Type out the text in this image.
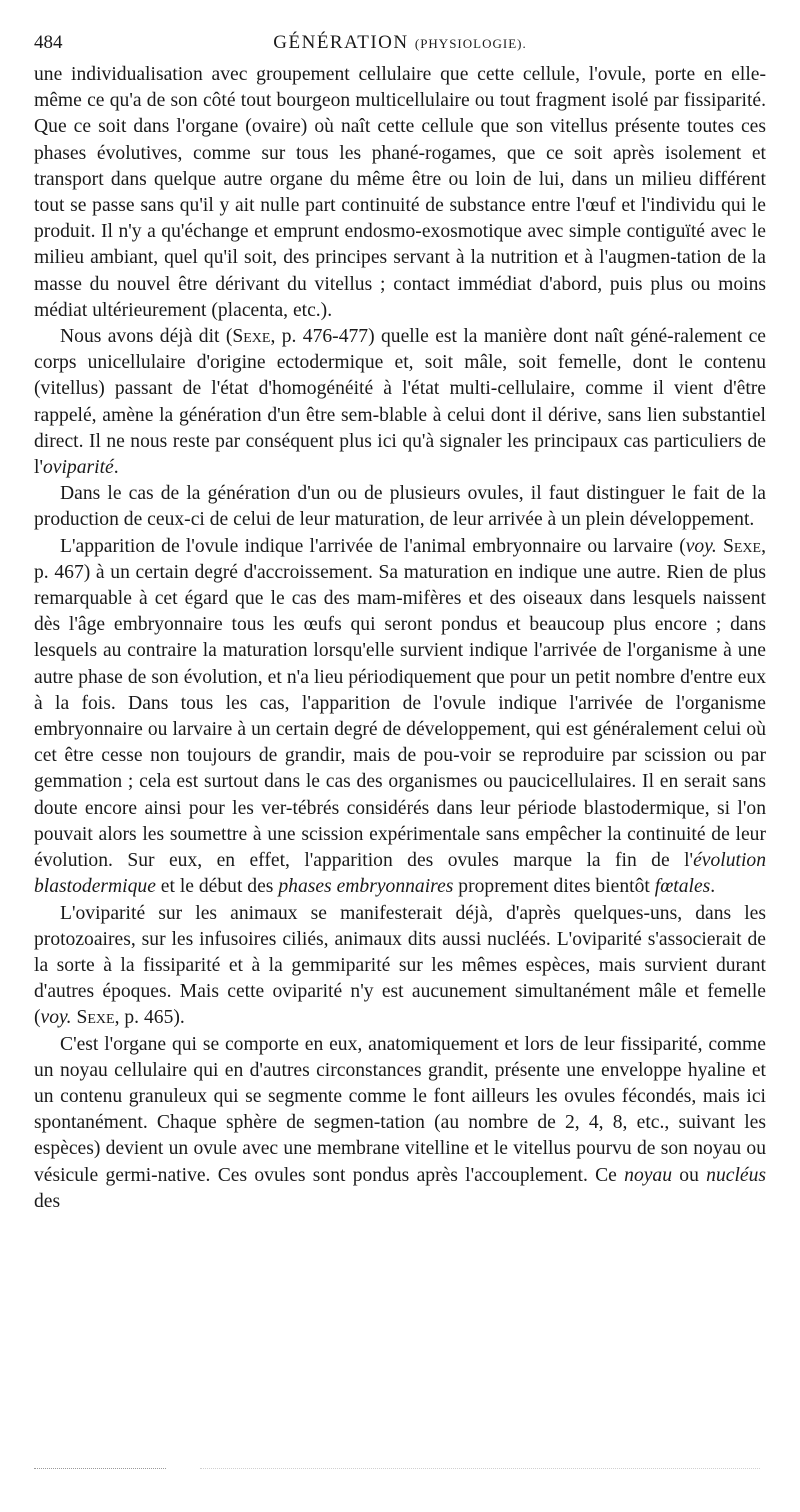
484	GÉNÉRATION (PHYSIOLOGIE).

une individualisation avec groupement cellulaire que cette cellule, l'ovule, porte en elle-même ce qu'a de son côté tout bourgeon multicellulaire ou tout fragment isolé par fissiparité. Que ce soit dans l'organe (ovaire) où naît cette cellule que son vitellus présente toutes ces phases évolutives, comme sur tous les phané-rogames, que ce soit après isolement et transport dans quelque autre organe du même être ou loin de lui, dans un milieu différent tout se passe sans qu'il y ait nulle part continuité de substance entre l'œuf et l'individu qui le produit. Il n'y a qu'échange et emprunt endosmo-exosmotique avec simple contiguïté avec le milieu ambiant, quel qu'il soit, des principes servant à la nutrition et à l'augmen-tation de la masse du nouvel être dérivant du vitellus ; contact immédiat d'abord, puis plus ou moins médiat ultérieurement (placenta, etc.).

Nous avons déjà dit (Sexe, p. 476-477) quelle est la manière dont naît géné-ralement ce corps unicellulaire d'origine ectodermique et, soit mâle, soit femelle, dont le contenu (vitellus) passant de l'état d'homogénéité à l'état multi-cellulaire, comme il vient d'être rappelé, amène la génération d'un être sem-blable à celui dont il dérive, sans lien substantiel direct. Il ne nous reste par conséquent plus ici qu'à signaler les principaux cas particuliers de l'oviparité.

Dans le cas de la génération d'un ou de plusieurs ovules, il faut distinguer le fait de la production de ceux-ci de celui de leur maturation, de leur arrivée à un plein développement.

L'apparition de l'ovule indique l'arrivée de l'animal embryonnaire ou larvaire (voy. Sexe, p. 467) à un certain degré d'accroissement. Sa maturation en indique une autre. Rien de plus remarquable à cet égard que le cas des mam-mifères et des oiseaux dans lesquels naissent dès l'âge embryonnaire tous les œufs qui seront pondus et beaucoup plus encore ; dans lesquels au contraire la maturation lorsqu'elle survient indique l'arrivée de l'organisme à une autre phase de son évolution, et n'a lieu périodiquement que pour un petit nombre d'entre eux à la fois. Dans tous les cas, l'apparition de l'ovule indique l'arrivée de l'organisme embryonnaire ou larvaire à un certain degré de développement, qui est généralement celui où cet être cesse non toujours de grandir, mais de pou-voir se reproduire par scission ou par gemmation ; cela est surtout dans le cas des organismes ou paucicellulaires. Il en serait sans doute encore ainsi pour les ver-tébrés considérés dans leur période blastodermique, si l'on pouvait alors les soumettre à une scission expérimentale sans empêcher la continuité de leur évolution. Sur eux, en effet, l'apparition des ovules marque la fin de l'évolution blastodermique et le début des phases embryonnaires proprement dites bientôt fœtales.

L'oviparité sur les animaux se manifesterait déjà, d'après quelques-uns, dans les protozoaires, sur les infusoires ciliés, animaux dits aussi nucléés. L'oviparité s'associerait de la sorte à la fissiparité et à la gemmiparité sur les mêmes espèces, mais survient durant d'autres époques. Mais cette oviparité n'y est aucunement simultanément mâle et femelle (voy. Sexe, p. 465).

C'est l'organe qui se comporte en eux, anatomiquement et lors de leur fissiparité, comme un noyau cellulaire qui en d'autres circonstances grandit, présente une enveloppe hyaline et un contenu granuleux qui se segmente comme le font ailleurs les ovules fécondés, mais ici spontanément. Chaque sphère de segmen-tation (au nombre de 2, 4, 8, etc., suivant les espèces) devient un ovule avec une membrane vitelline et le vitellus pourvu de son noyau ou vésicule germi-native. Ces ovules sont pondus après l'accouplement. Ce noyau ou nucléus des
